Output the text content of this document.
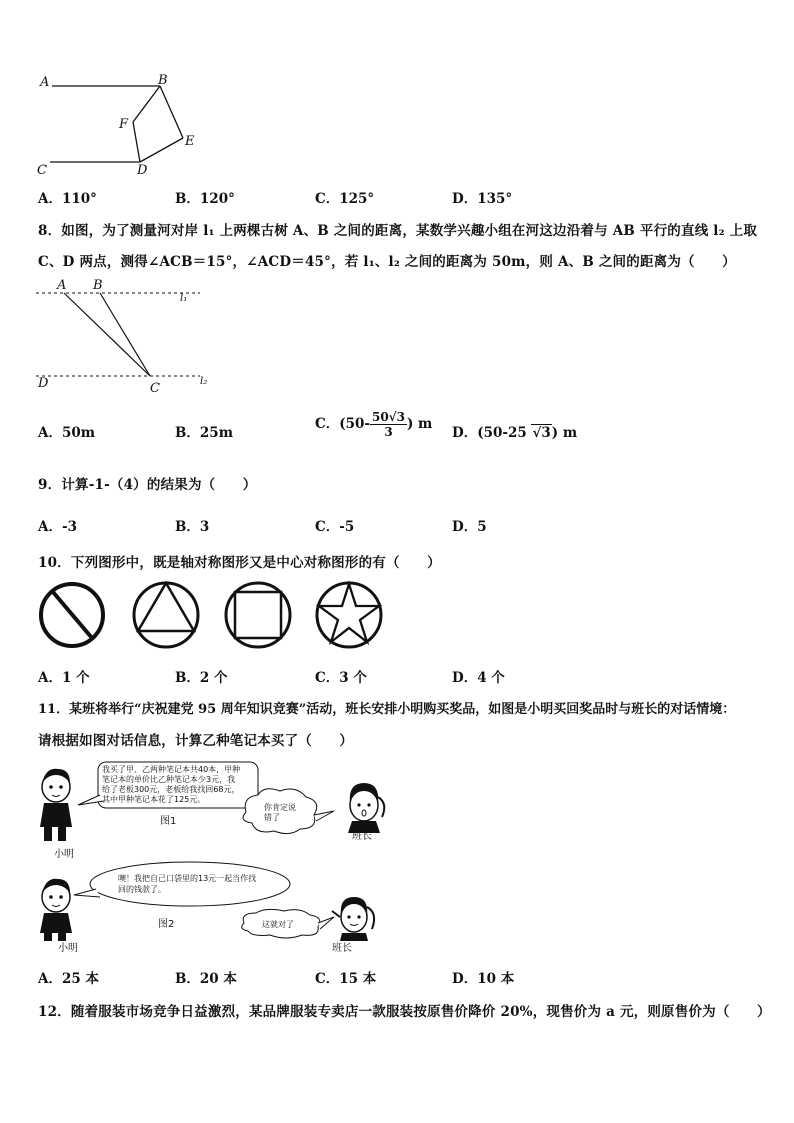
A	B
F
E
C	D
A．110°	B．120°	C．125°	D．135°
8．如图，为了测量河对岸 l₁ 上两棵古树 A、B 之间的距离，某数学兴趣小组在河这边沿着与 AB 平行的直线 l₂ 上取
C、D 两点，测得∠ACB＝15°，∠ACD＝45°，若 l₁、l₂ 之间的距离为 50m，则 A、B 之间的距离为（　　）
A B
l₁
D	C	l₂
A．50m	B．25m
C．($50- \frac{50√3}{3}$ ) m
D．(50-25 √3) m
9．计算-1-（4）的结果为（　　）
A．-3	B．3	C．-5	D．5
10．下列图形中，既是轴对称图形又是中心对称图形的有（　　）
A．1 个	B．2 个	C．3 个	D．4 个
11．某班将举行“庆祝建党 95 周年知识竞赛”活动，班长安排小明购买奖品，如图是小明买回奖品时与班长的对话情境：
请根据如图对话信息，计算乙种笔记本买了（　　）
小明
我买了甲、乙两种笔记本共40本，甲种
笔记本的单价比乙种笔记本少3元，我
给了老板300元，老板给我找回68元，
其中甲种笔记本花了125元。
图1
你肯定说
错了
班长
小明
噢！我把自己口袋里的13元一起当作找
回的钱款了。
图2	这就对了
班长
A．25 本	B．20 本	C．15 本	D．10 本
12．随着服装市场竞争日益激烈，某品牌服装专卖店一款服装按原售价降价 20%，现售价为 a 元，则原售价为（　　）
